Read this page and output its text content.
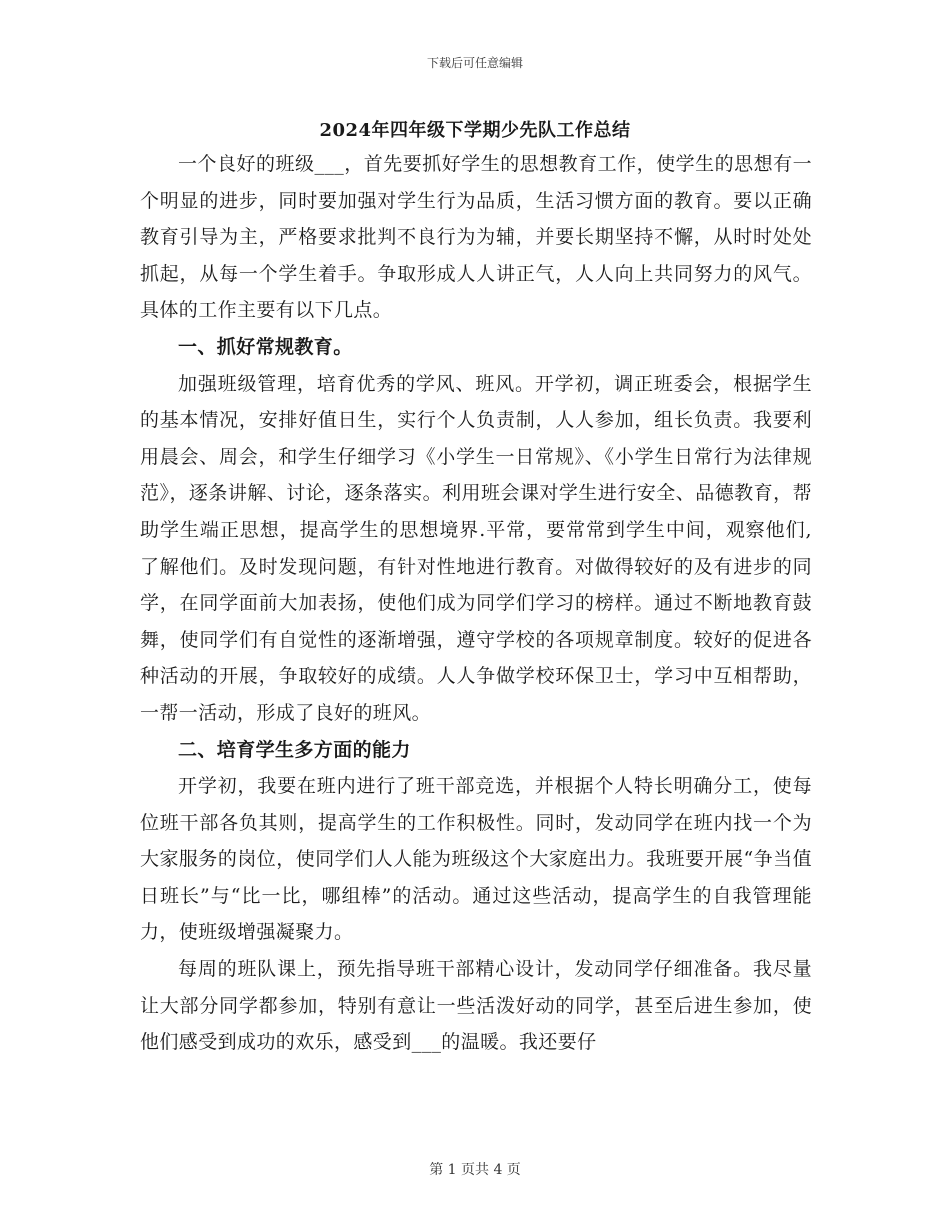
下载后可任意编辑
2024年四年级下学期少先队工作总结

一个良好的班级___，首先要抓好学生的思想教育工作，使学生的思想有一个明显的进步，同时要加强对学生行为品质，生活习惯方面的教育。要以正确教育引导为主，严格要求批判不良行为为辅，并要长期坚持不懈，从时时处处抓起，从每一个学生着手。争取形成人人讲正气，人人向上共同努力的风气。具体的工作主要有以下几点。

一、抓好常规教育。

加强班级管理，培育优秀的学风、班风。开学初，调正班委会，根据学生的基本情况，安排好值日生，实行个人负责制，人人参加，组长负责。我要利用晨会、周会，和学生仔细学习《小学生一日常规》、《小学生日常行为法律规范》，逐条讲解、讨论，逐条落实。利用班会课对学生进行安全、品德教育，帮助学生端正思想，提高学生的思想境界.平常，要常常到学生中间，观察他们,了解他们。及时发现问题，有针对性地进行教育。对做得较好的及有进步的同学，在同学面前大加表扬，使他们成为同学们学习的榜样。通过不断地教育鼓舞，使同学们有自觉性的逐渐增强，遵守学校的各项规章制度。较好的促进各种活动的开展，争取较好的成绩。人人争做学校环保卫士，学习中互相帮助，一帮一活动，形成了良好的班风。

二、培育学生多方面的能力

开学初，我要在班内进行了班干部竞选，并根据个人特长明确分工，使每位班干部各负其则，提高学生的工作积极性。同时，发动同学在班内找一个为大家服务的岗位，使同学们人人能为班级这个大家庭出力。我班要开展“争当值日班长”与“比一比，哪组棒”的活动。通过这些活动，提高学生的自我管理能力，使班级增强凝聚力。

每周的班队课上，预先指导班干部精心设计，发动同学仔细准备。我尽量让大部分同学都参加，特别有意让一些活泼好动的同学，甚至后进生参加，使他们感受到成功的欢乐，感受到___的温暖。我还要仔

第 1 页共 4 页
